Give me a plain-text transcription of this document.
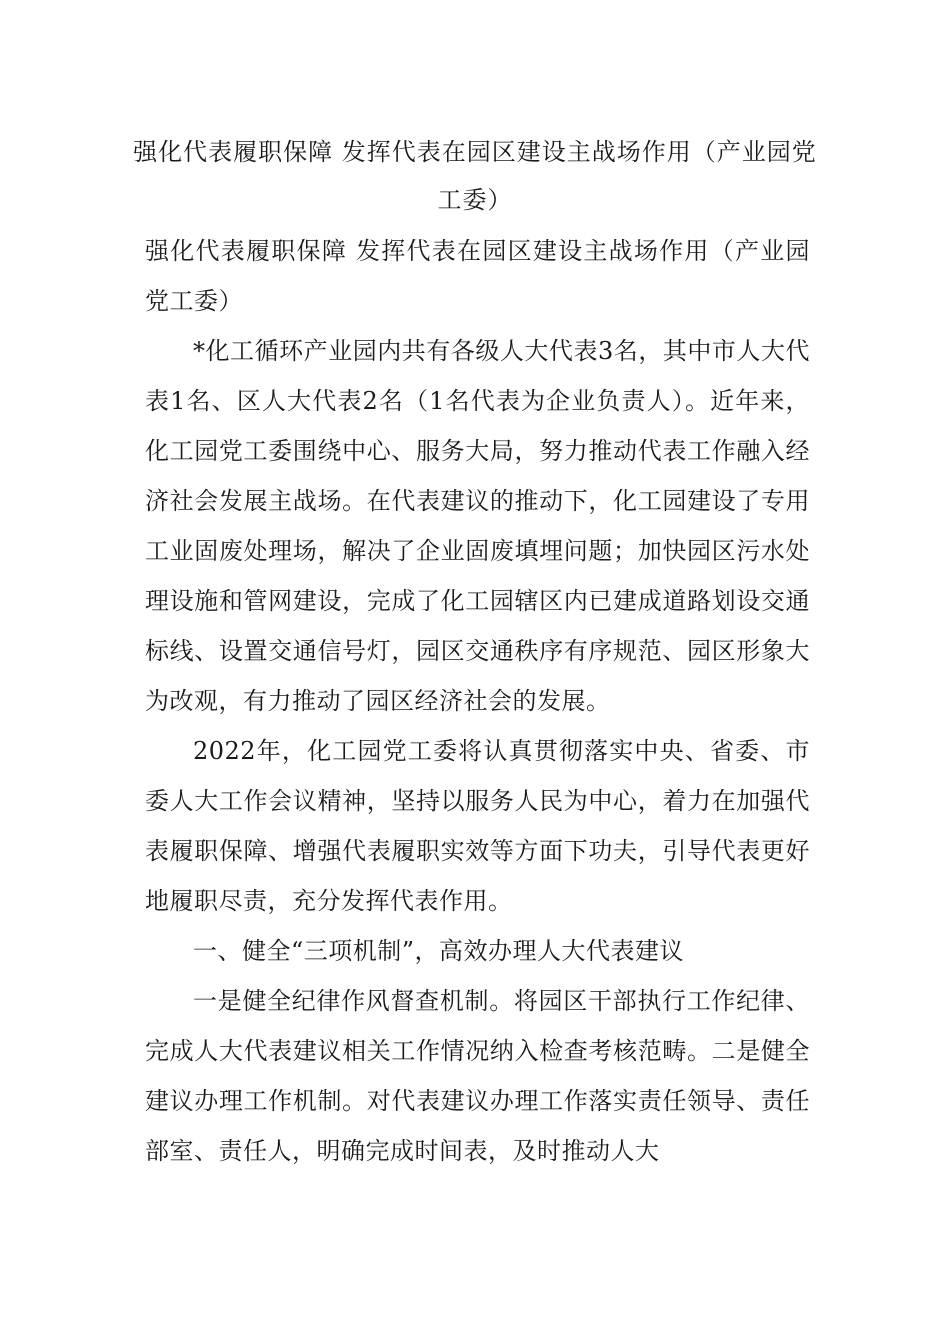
强化代表履职保障 发挥代表在园区建设主战场作用（产业园党工委）

强化代表履职保障 发挥代表在园区建设主战场作用（产业园党工委）

*化工循环产业园内共有各级人大代表3名，其中市人大代表1名、区人大代表2名（1名代表为企业负责人）。近年来，化工园党工委围绕中心、服务大局，努力推动代表工作融入经济社会发展主战场。在代表建议的推动下，化工园建设了专用工业固废处理场，解决了企业固废填埋问题；加快园区污水处理设施和管网建设，完成了化工园辖区内已建成道路划设交通标线、设置交通信号灯，园区交通秩序有序规范、园区形象大为改观，有力推动了园区经济社会的发展。

2022年，化工园党工委将认真贯彻落实中央、省委、市委人大工作会议精神，坚持以服务人民为中心，着力在加强代表履职保障、增强代表履职实效等方面下功夫，引导代表更好地履职尽责，充分发挥代表作用。

一、健全“三项机制”，高效办理人大代表建议

一是健全纪律作风督查机制。将园区干部执行工作纪律、完成人大代表建议相关工作情况纳入检查考核范畴。二是健全建议办理工作机制。对代表建议办理工作落实责任领导、责任部室、责任人，明确完成时间表，及时推动人大
